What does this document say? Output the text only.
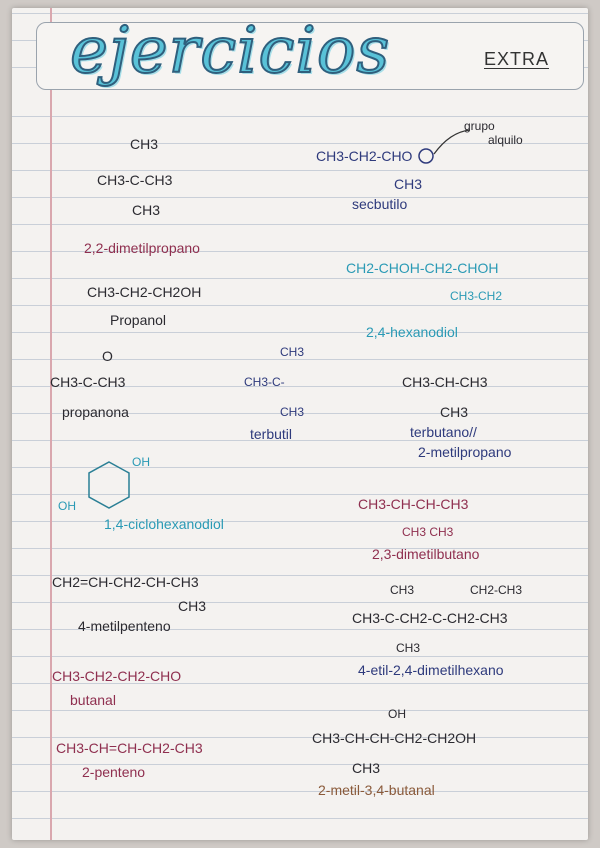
ejercicios	EXTRA
CH3
CH3-C-CH3
CH3
2,2-dimetilpropano
CH3-CH2-CHO
grupo
alquilo
CH3
secbutilo
CH3-CH2-CH2OH
Propanol
CH2-CHOH-CH2-CHOH
CH3-CH2
2,4-hexanodiol
O
CH3-C-CH3
propanona
CH3
CH3-C-
CH3
terbutil
CH3-CH-CH3
CH3
terbutano//
2-metilpropano
OH
OH
1,4-ciclohexanodiol
CH3-CH-CH-CH3
CH3 CH3
2,3-dimetilbutano
CH2=CH-CH2-CH-CH3
CH3
4-metilpenteno
CH3	CH2-CH3
CH3-C-CH2-C-CH2-CH3
CH3
4-etil-2,4-dimetilhexano
CH3-CH2-CH2-CHO
butanal
OH
CH3-CH-CH-CH2-CH2OH
CH3
2-metil-3,4-butanal
CH3-CH=CH-CH2-CH3
2-penteno
